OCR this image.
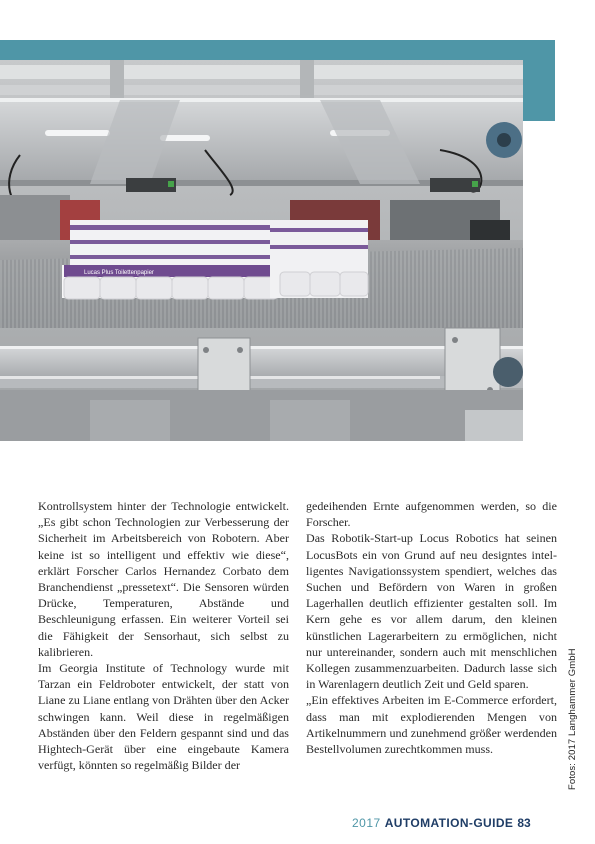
Lucas Plus Toilettenpapier

Kontrollsystem hinter der Technologie entwickelt. „Es gibt schon Technologien zur Verbesserung der Sicherheit im Arbeitsbereich von Robotern. Aber keine ist so intelligent und effektiv wie diese“, erklärt Forscher Carlos Hernandez Corbato dem Branchendienst „pressetext“. Die Sensoren würden Drücke, Temperaturen, Abstände und Beschleunigung erfassen. Ein weiterer Vorteil sei die Fähigkeit der Sensorhaut, sich selbst zu kalibrieren.

Im Georgia Institute of Technology wurde mit Tarzan ein Feldroboter entwickelt, der statt von Liane zu Liane entlang von Drähten über den Acker schwingen kann. Weil diese in regelmäßigen Abständen über den Feldern gespannt sind und das Hightech-Gerät über eine eingebaute Kamera verfügt, könnten so regelmäßig Bilder der

gedeihenden Ernte aufgenommen werden, so die Forscher.

Das Robotik-Start-up Locus Robotics hat seinen LocusBots ein von Grund auf neu designtes intelligentes Navigationssystem spendiert, welches das Suchen und Befördern von Waren in großen Lagerhallen deutlich effizienter gestalten soll. Im Kern gehe es vor allem darum, den kleinen künstlichen Lagerarbeitern zu ermöglichen, nicht nur untereinander, sondern auch mit menschlichen Kollegen zusammenzuarbeiten. Dadurch lasse sich in Warenlagern deutlich Zeit und Geld sparen.

„Ein effektives Arbeiten im E-Commerce erfordert, dass man mit explodierenden Mengen von Artikelnummern und zunehmend größer werdenden Bestellvolumen zurechtkommen muss.	Fotos: 2017 Langhammer GmbH
2017 AUTOMATION-GUIDE 83
